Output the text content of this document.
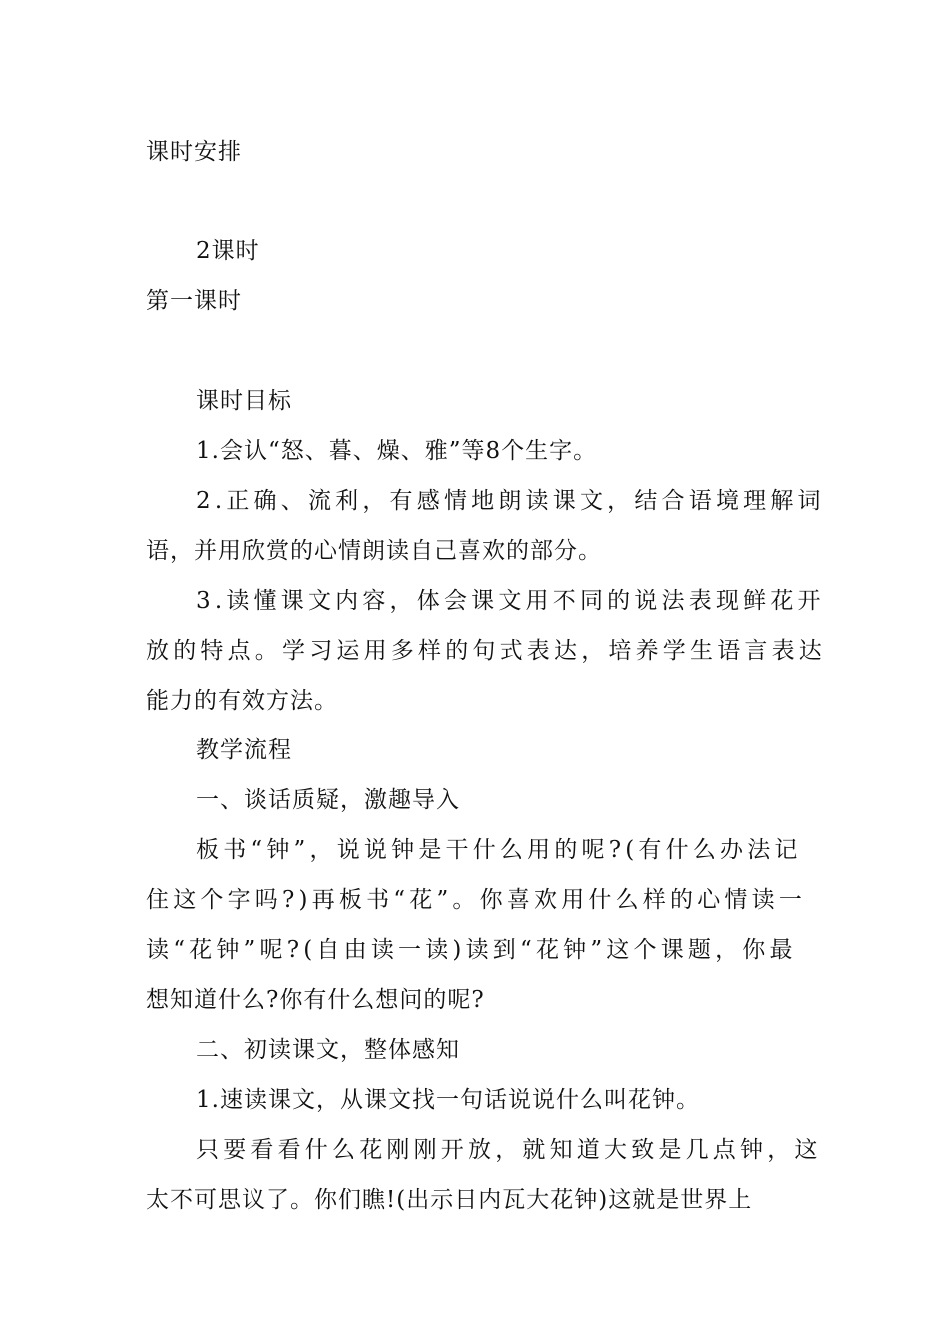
课时安排
2课时
第一课时
课时目标
1.会认“怒、暮、燥、雅”等8个生字。
2.正确、流利，有感情地朗读课文，结合语境理解词
语，并用欣赏的心情朗读自己喜欢的部分。
3.读懂课文内容，体会课文用不同的说法表现鲜花开
放的特点。学习运用多样的句式表达，培养学生语言表达
能力的有效方法。
教学流程
一、谈话质疑，激趣导入
板书“钟”，说说钟是干什么用的呢?(有什么办法记
住这个字吗?)再板书“花”。你喜欢用什么样的心情读一
读“花钟”呢?(自由读一读)读到“花钟”这个课题，你最
想知道什么?你有什么想问的呢?
二、初读课文，整体感知
1.速读课文，从课文找一句话说说什么叫花钟。
只要看看什么花刚刚开放，就知道大致是几点钟，这
太不可思议了。你们瞧!(出示日内瓦大花钟)这就是世界上
